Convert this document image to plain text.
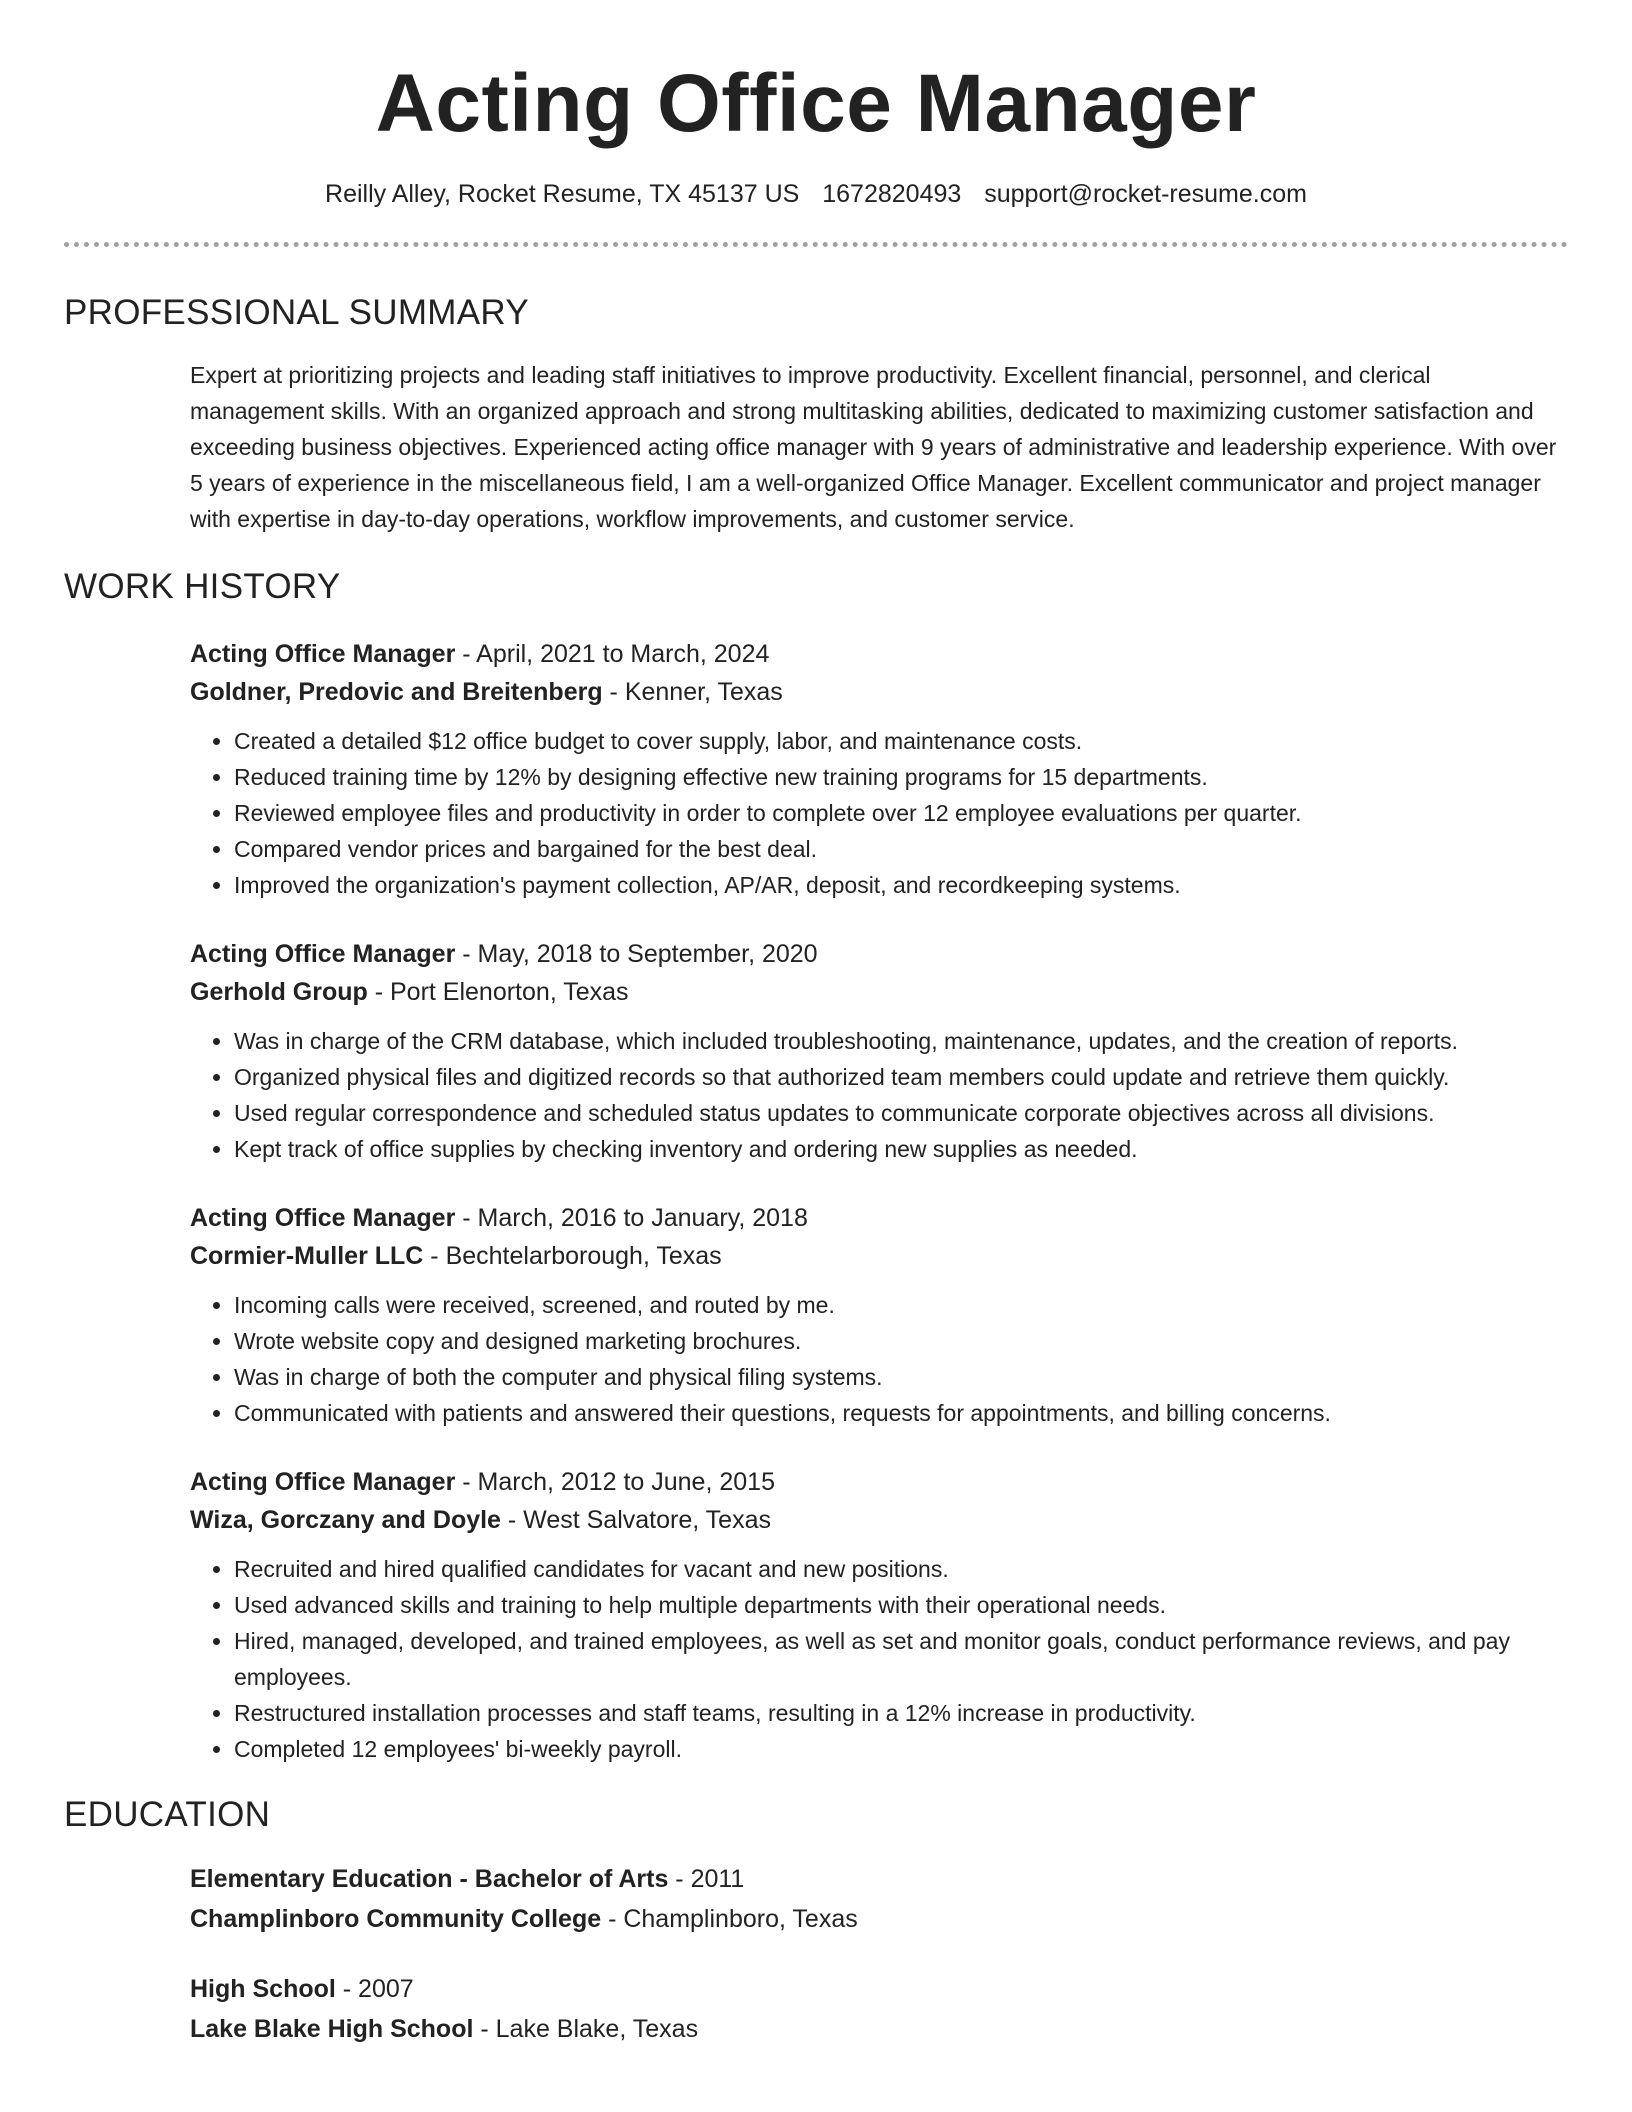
Acting Office Manager
Reilly Alley, Rocket Resume, TX 45137 US 1672820493 support@rocket-resume.com
PROFESSIONAL SUMMARY

Expert at prioritizing projects and leading staff initiatives to improve productivity. Excellent financial, personnel, and clerical management skills. With an organized approach and strong multitasking abilities, dedicated to maximizing customer satisfaction and exceeding business objectives. Experienced acting office manager with 9 years of administrative and leadership experience. With over 5 years of experience in the miscellaneous field, I am a well-organized Office Manager. Excellent communicator and project manager with expertise in day-to-day operations, workflow improvements, and customer service.

WORK HISTORY
Acting Office Manager - April, 2021 to March, 2024
Goldner, Predovic and Breitenberg - Kenner, Texas
• Created a detailed $12 office budget to cover supply, labor, and maintenance costs.
• Reduced training time by 12% by designing effective new training programs for 15 departments.
• Reviewed employee files and productivity in order to complete over 12 employee evaluations per quarter.
• Compared vendor prices and bargained for the best deal.
• Improved the organization's payment collection, AP/AR, deposit, and recordkeeping systems.
Acting Office Manager - May, 2018 to September, 2020
Gerhold Group - Port Elenorton, Texas
• Was in charge of the CRM database, which included troubleshooting, maintenance, updates, and the creation of reports.
• Organized physical files and digitized records so that authorized team members could update and retrieve them quickly.
• Used regular correspondence and scheduled status updates to communicate corporate objectives across all divisions.
• Kept track of office supplies by checking inventory and ordering new supplies as needed.
Acting Office Manager - March, 2016 to January, 2018
Cormier-Muller LLC - Bechtelarborough, Texas
• Incoming calls were received, screened, and routed by me.
• Wrote website copy and designed marketing brochures.
• Was in charge of both the computer and physical filing systems.
• Communicated with patients and answered their questions, requests for appointments, and billing concerns.
Acting Office Manager - March, 2012 to June, 2015
Wiza, Gorczany and Doyle - West Salvatore, Texas
• Recruited and hired qualified candidates for vacant and new positions.
• Used advanced skills and training to help multiple departments with their operational needs.
• Hired, managed, developed, and trained employees, as well as set and monitor goals, conduct performance reviews, and pay employees.
• Restructured installation processes and staff teams, resulting in a 12% increase in productivity.
• Completed 12 employees' bi-weekly payroll.
EDUCATION
Elementary Education - Bachelor of Arts - 2011
Champlinboro Community College - Champlinboro, Texas
High School - 2007
Lake Blake High School - Lake Blake, Texas
